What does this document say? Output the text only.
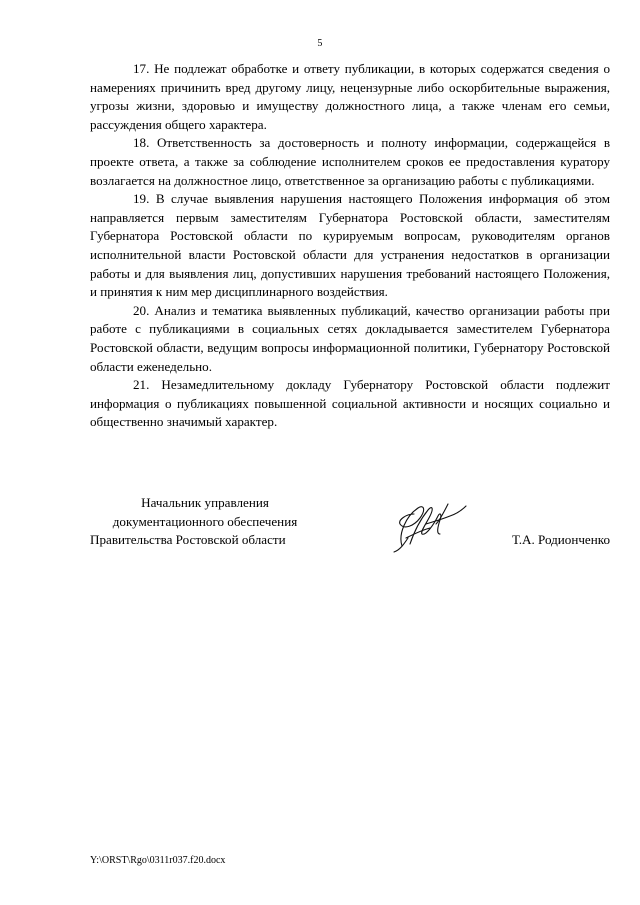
5

17. Не подлежат обработке и ответу публикации, в которых содержатся сведения о намерениях причинить вред другому лицу, нецензурные либо оскорбительные выражения, угрозы жизни, здоровью и имуществу должностного лица, а также членам его семьи, рассуждения общего характера.

18. Ответственность за достоверность и полноту информации, содержащейся в проекте ответа, а также за соблюдение исполнителем сроков ее предоставления куратору возлагается на должностное лицо, ответственное за организацию работы с публикациями.

19. В случае выявления нарушения настоящего Положения информация об этом направляется первым заместителям Губернатора Ростовской области, заместителям Губернатора Ростовской области по курируемым вопросам, руководителям органов исполнительной власти Ростовской области для устранения недостатков в организации работы и для выявления лиц, допустивших нарушения требований настоящего Положения, и принятия к ним мер дисциплинарного воздействия.

20. Анализ и тематика выявленных публикаций, качество организации работы при работе с публикациями в социальных сетях докладывается заместителем Губернатора Ростовской области, ведущим вопросы информационной политики, Губернатору Ростовской области еженедельно.

21. Незамедлительному докладу Губернатору Ростовской области подлежит информация о публикациях повышенной социальной активности и носящих социально и общественно значимый характер.

Начальник управления
документационного обеспечения
Правительства Ростовской области	Т.А. Родионченко
Y:\ORST\Rgo\0311r037.f20.docx
